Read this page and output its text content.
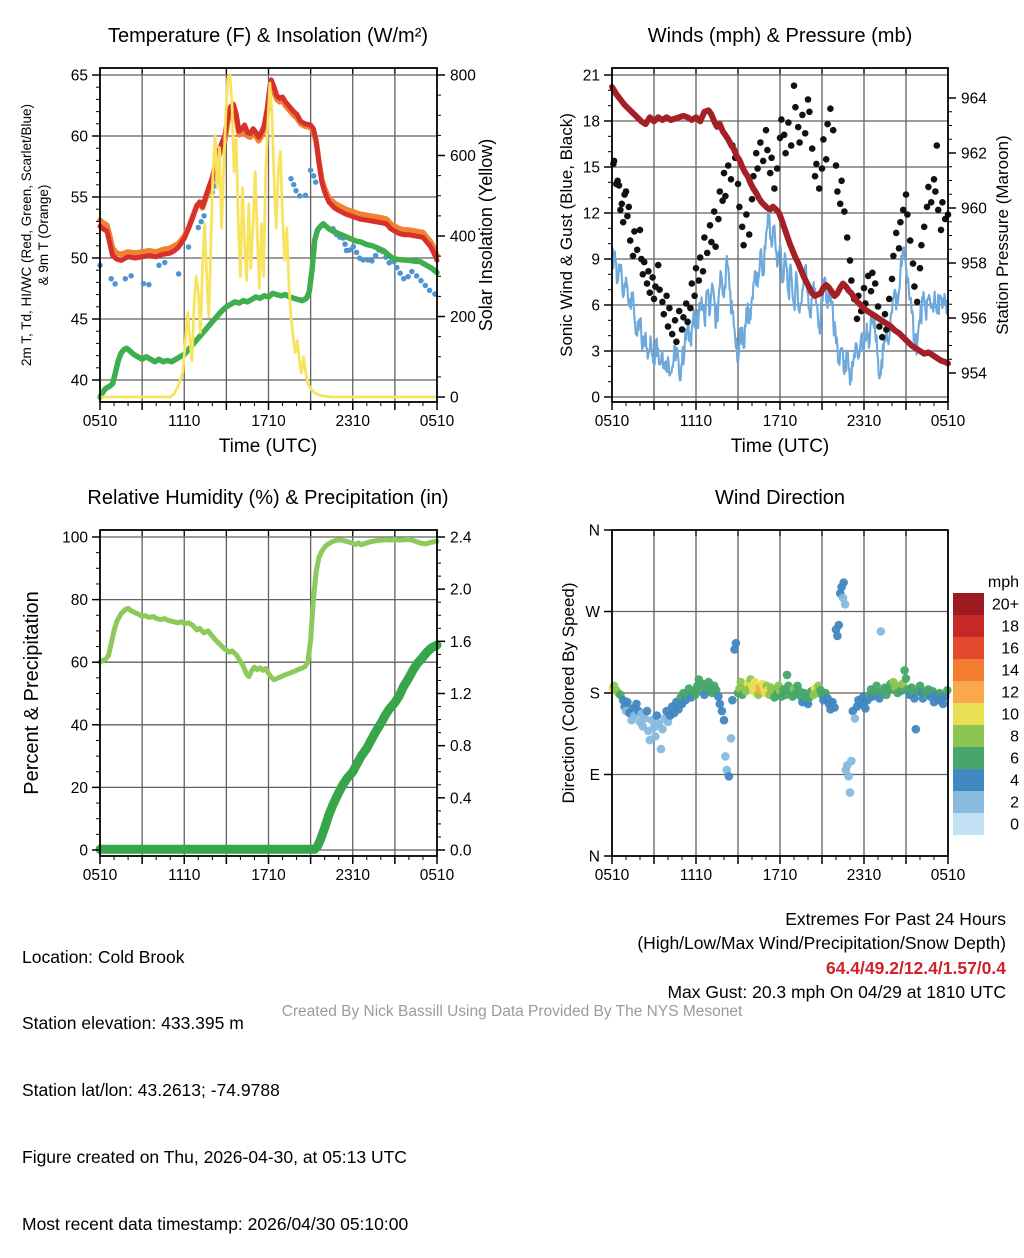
Temperature (F) & Insolation (W/m²)
2m T, Td, HI/WC (Red, Green, Scarlet/Blue) & 9m T (Orange)	Solar Insolation (Yellow)
Time (UTC)
0510	1110	1710	2310	0510
40
45
50
55
60
65
0
200
400
600
800
Winds (mph) & Pressure (mb)
Sonic Wind & Gust (Blue, Black)	Station Pressure (Maroon)
Time (UTC)
0510	1110	1710	2310	0510
0
3
6
9
12
15
18
21
954
956
958
960
962
964
Relative Humidity (%) & Precipitation (in)
Percent & Precipitation
0510	1110	1710	2310	0510
0
20
40
60
80
100
0.0
0.4
0.8
1.2
1.6
2.0
2.4
Wind Direction
Direction (Colored By Speed)	mph
0510	1110	1710	2310	0510
N
W
S
E
N
20+
18
16
14
12
10
8
6
4
2
0

Location: Cold Brook

Station elevation: 433.395 m

Station lat/lon: 43.2613; -74.9788

Figure created on Thu, 2026-04-30, at 05:13 UTC

Most recent data timestamp: 2026/04/30 05:10:00

Extremes For Past 24 Hours
(High/Low/Max Wind/Precipitation/Snow Depth)
64.4/49.2/12.4/1.57/0.4
Max Gust: 20.3 mph On 04/29 at 1810 UTC
Created By Nick Bassill Using Data Provided By The NYS Mesonet
